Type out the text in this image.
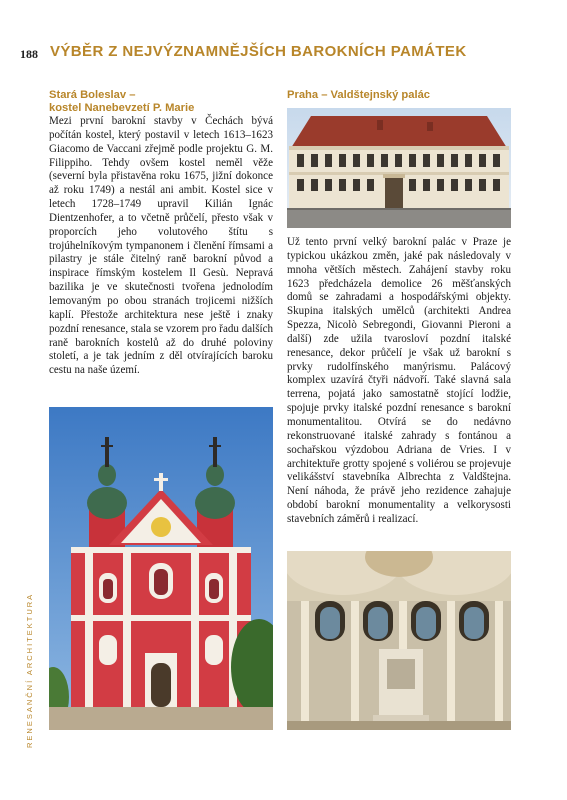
188 VÝBĚR Z NEJVÝZNAMNĚJŠÍCH BAROKNÍCH PAMÁTEK
RENESANČNÍ ARCHITEKTURA
Stará Boleslav –
kostel Nanebevzetí P. Marie

Mezi první barokní stavby v Čechách bývá počítán kostel, který postavil v letech 1613–1623 Giacomo de Vaccani zřejmě podle projektu G. M. Filippiho. Tehdy ovšem kostel neměl věže (severní byla přistavěna roku 1675, jižní dokonce až roku 1749) a nestál ani ambit. Kostel sice v letech 1728–1749 upravil Kilián Ignác Dientzenhofer, a to včetně průčelí, přesto však v proporcích jeho volutového štítu s trojúhelníkovým tympanonem i členění římsami a pilastry je stále čitelný raně barokní původ a inspirace římským kostelem Il Gesù. Nepravá bazilika je ve skutečnosti tvořena jednolodím lemovaným po obou stranách trojicemi nižších kaplí. Přestože architektura nese ještě i znaky pozdní renesance, stala se vzorem pro řadu dalších raně barokních kostelů až do druhé poloviny století, a je tak jedním z děl otvírajících baroku cestu na naše území.

Praha – Valdštejnský palác

Už tento první velký barokní palác v Praze je typickou ukázkou změn, jaké pak následovaly v mnoha větších městech. Zahájení stavby roku 1623 předcházela demolice 26 měšťanských domů se zahradami a hospodářskými objekty. Skupina italských umělců (architekti Andrea Spezza, Nicolò Sebregondi, Giovanni Pieroni a další) zde užila tvarosloví pozdní italské renesance, dekor průčelí je však už barokní s prvky rudolfínského manýrismu. Palácový komplex uzavírá čtyři nádvoří. Také slavná sala terrena, pojatá jako samostatně stojící lodžie, spojuje prvky italské pozdní renesance s barokní monumentalitou. Otvírá se do nedávno rekonstruované italské zahrady s fontánou a sochařskou výzdobou Adriana de Vries. I v architektuře grotty spojené s voliérou se projevuje velikášství stavebníka Albrechta z Valdštejna. Není náhoda, že právě jeho rezidence zahajuje období barokní monumentality a velkorysosti stavebních záměrů i realizací.
